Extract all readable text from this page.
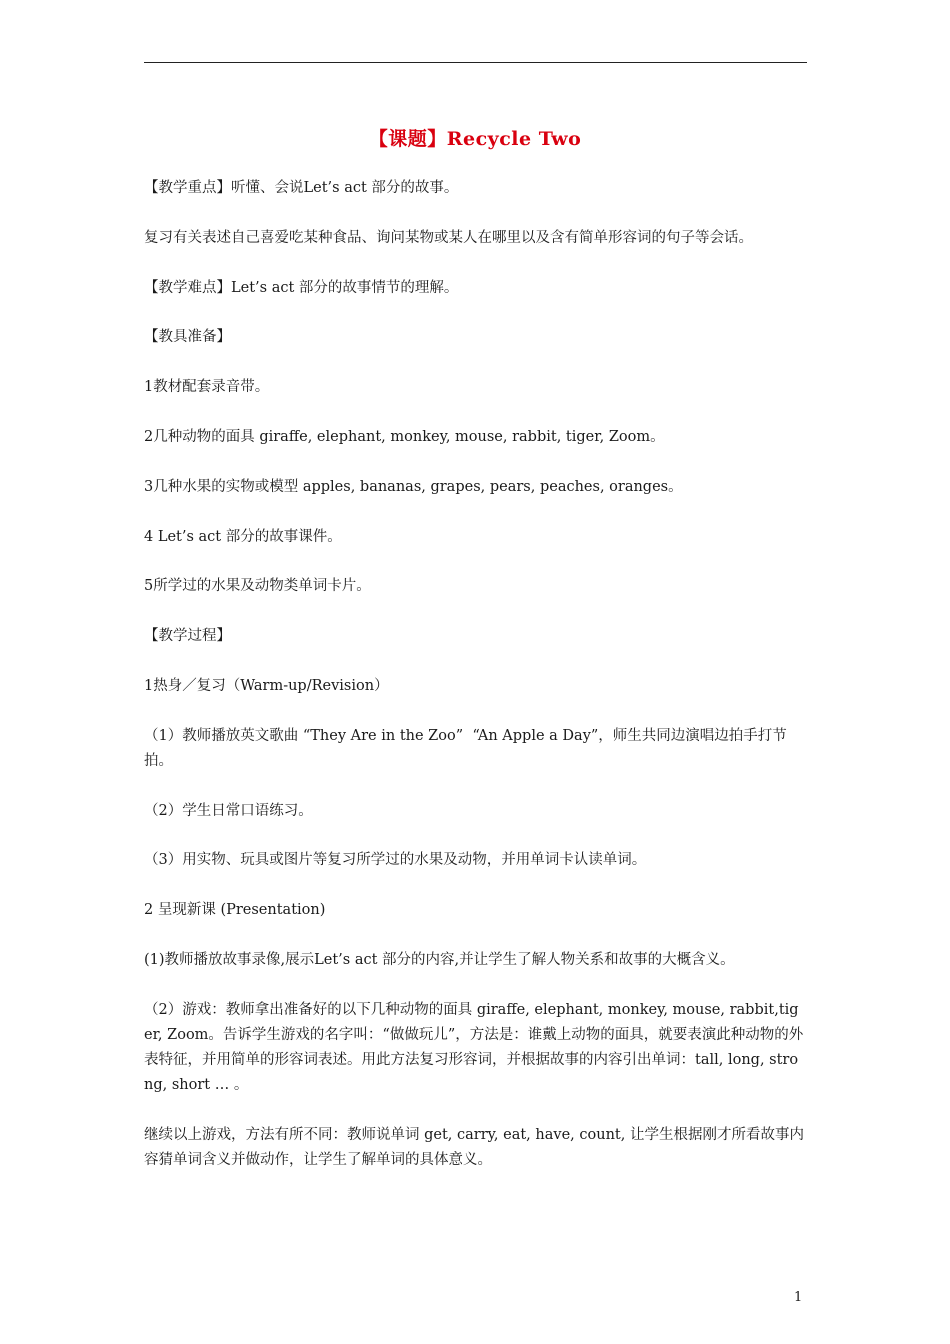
【课题】Recycle Two

【教学重点】听懂、会说Let’s act 部分的故事。

复习有关表述自己喜爱吃某种食品、询问某物或某人在哪里以及含有简单形容词的句子等会话。

【教学难点】Let’s act 部分的故事情节的理解。

【教具准备】

1教材配套录音带。

2几种动物的面具 giraffe, elephant, monkey, mouse, rabbit, tiger, Zoom。

3几种水果的实物或模型 apples, bananas, grapes, pears, peaches, oranges。

4 Let’s act 部分的故事课件。

5所学过的水果及动物类单词卡片。

【教学过程】

1热身／复习（Warm-up/Revision）

（1）教师播放英文歌曲 “They Are in the Zoo”  “An Apple a Day”，师生共同边演唱边拍手打节拍。

（2）学生日常口语练习。

（3）用实物、玩具或图片等复习所学过的水果及动物，并用单词卡认读单词。

2 呈现新课 (Presentation)

(1)教师播放故事录像,展示Let’s act 部分的内容,并让学生了解人物关系和故事的大概含义。

（2）游戏：教师拿出准备好的以下几种动物的面具 giraffe, elephant, monkey, mouse, rabbit,tiger, Zoom。告诉学生游戏的名字叫：“做做玩儿”，方法是：谁戴上动物的面具，就要表演此种动物的外表特征，并用简单的形容词表述。用此方法复习形容词，并根据故事的内容引出单词：tall, long, strong, short … 。

继续以上游戏，方法有所不同：教师说单词 get, carry, eat, have, count, 让学生根据刚才所看故事内容猜单词含义并做动作，让学生了解单词的具体意义。

1
